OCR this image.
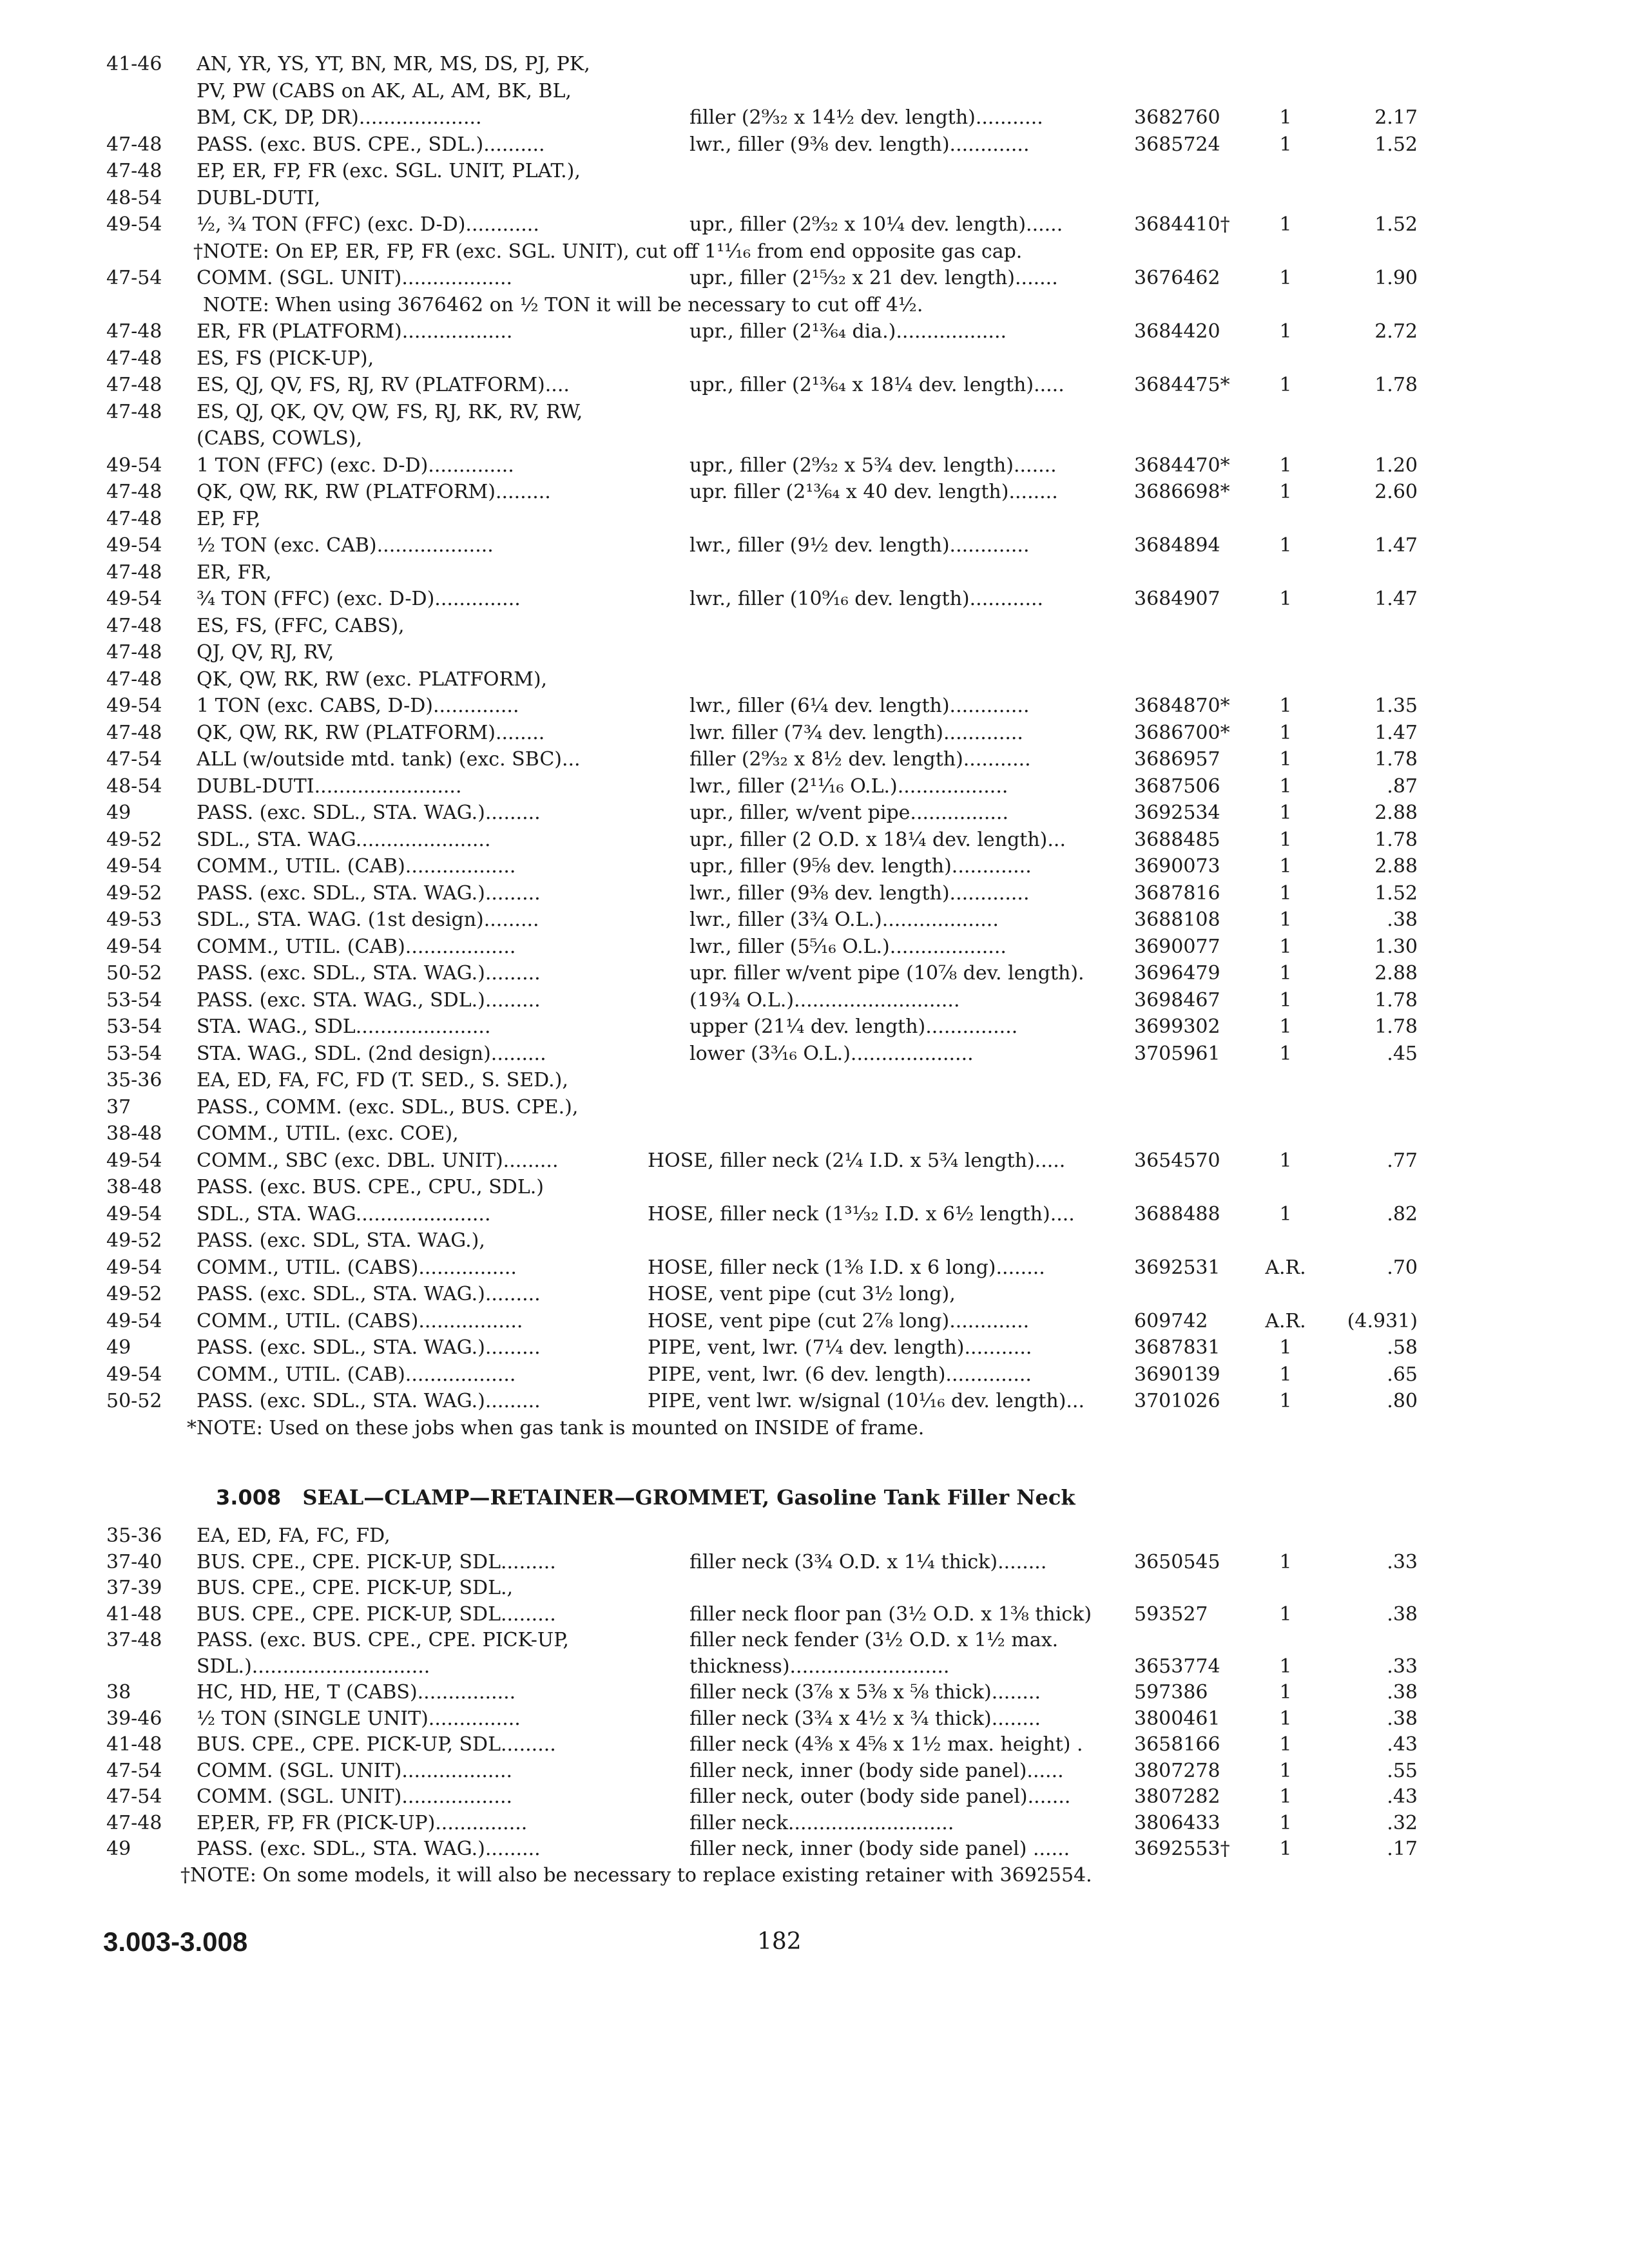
41-46	AN, YR, YS, YT, BN, MR, MS, DS, PJ, PK,
PV, PW (CABS on AK, AL, AM, BK, BL,
BM, CK, DP, DR)....................	filler (2⁹⁄₃₂ x 14½ dev. length)...........	3682760	1	2.17
47-48	PASS. (exc. BUS. CPE., SDL.)..........	lwr., filler (9⅜ dev. length).............	3685724	1	1.52
47-48	EP, ER, FP, FR (exc. SGL. UNIT, PLAT.),
48-54	DUBL-DUTI,
49-54	½, ¾ TON (FFC) (exc. D-D)............	upr., filler (2⁹⁄₃₂ x 10¼ dev. length)......	3684410†	1	1.52
†NOTE: On EP, ER, FP, FR (exc. SGL. UNIT), cut off 1¹¹⁄₁₆ from end opposite gas cap.
47-54	COMM. (SGL. UNIT)..................	upr., filler (2¹⁵⁄₃₂ x 21 dev. length).......	3676462	1	1.90
NOTE: When using 3676462 on ½ TON it will be necessary to cut off 4½.
47-48	ER, FR (PLATFORM)..................	upr., filler (2¹³⁄₆₄ dia.)..................	3684420	1	2.72
47-48	ES, FS (PICK-UP),
47-48	ES, QJ, QV, FS, RJ, RV (PLATFORM)....	upr., filler (2¹³⁄₆₄ x 18¼ dev. length).....	3684475*	1	1.78
47-48	ES, QJ, QK, QV, QW, FS, RJ, RK, RV, RW,
(CABS, COWLS),
49-54	1 TON (FFC) (exc. D-D)..............	upr., filler (2⁹⁄₃₂ x 5¾ dev. length).......	3684470*	1	1.20
47-48	QK, QW, RK, RW (PLATFORM).........	upr. filler (2¹³⁄₆₄ x 40 dev. length)........	3686698*	1	2.60
47-48	EP, FP,
49-54	½ TON (exc. CAB)...................	lwr., filler (9½ dev. length).............	3684894	1	1.47
47-48	ER, FR,
49-54	¾ TON (FFC) (exc. D-D)..............	lwr., filler (10⁹⁄₁₆ dev. length)............	3684907	1	1.47
47-48	ES, FS, (FFC, CABS),
47-48	QJ, QV, RJ, RV,
47-48	QK, QW, RK, RW (exc. PLATFORM),
49-54	1 TON (exc. CABS, D-D)..............	lwr., filler (6¼ dev. length).............	3684870*	1	1.35
47-48	QK, QW, RK, RW (PLATFORM)........	lwr. filler (7¾ dev. length).............	3686700*	1	1.47
47-54	ALL (w/outside mtd. tank) (exc. SBC)...	filler (2⁹⁄₃₂ x 8½ dev. length)...........	3686957	1	1.78
48-54	DUBL-DUTI........................	lwr., filler (2¹¹⁄₁₆ O.L.)..................	3687506	1	.87
49	PASS. (exc. SDL., STA. WAG.).........	upr., filler, w/vent pipe................	3692534	1	2.88
49-52	SDL., STA. WAG......................	upr., filler (2 O.D. x 18¼ dev. length)...	3688485	1	1.78
49-54	COMM., UTIL. (CAB)..................	upr., filler (9⅝ dev. length).............	3690073	1	2.88
49-52	PASS. (exc. SDL., STA. WAG.).........	lwr., filler (9⅜ dev. length).............	3687816	1	1.52
49-53	SDL., STA. WAG. (1st design).........	lwr., filler (3¾ O.L.)...................	3688108	1	.38
49-54	COMM., UTIL. (CAB)..................	lwr., filler (5⁵⁄₁₆ O.L.)...................	3690077	1	1.30
50-52	PASS. (exc. SDL., STA. WAG.).........	upr. filler w/vent pipe (10⅞ dev. length).	3696479	1	2.88
53-54	PASS. (exc. STA. WAG., SDL.).........	(19¾ O.L.)...........................	3698467	1	1.78
53-54	STA. WAG., SDL......................	upper (21¼ dev. length)...............	3699302	1	1.78
53-54	STA. WAG., SDL. (2nd design).........	lower (3³⁄₁₆ O.L.)....................	3705961	1	.45
35-36	EA, ED, FA, FC, FD (T. SED., S. SED.),
37	PASS., COMM. (exc. SDL., BUS. CPE.),
38-48	COMM., UTIL. (exc. COE),
49-54	COMM., SBC (exc. DBL. UNIT).........	HOSE, filler neck (2¼ I.D. x 5¾ length).....	3654570	1	.77
38-48	PASS. (exc. BUS. CPE., CPU., SDL.)
49-54	SDL., STA. WAG......................	HOSE, filler neck (1³¹⁄₃₂ I.D. x 6½ length)....	3688488	1	.82
49-52	PASS. (exc. SDL, STA. WAG.),
49-54	COMM., UTIL. (CABS)................	HOSE, filler neck (1⅜ I.D. x 6 long)........	3692531	A.R.	.70
49-52	PASS. (exc. SDL., STA. WAG.).........	HOSE, vent pipe (cut 3½ long),
49-54	COMM., UTIL. (CABS).................	HOSE, vent pipe (cut 2⅞ long).............	609742	A.R.	(4.931)
49	PASS. (exc. SDL., STA. WAG.).........	PIPE, vent, lwr. (7¼ dev. length)...........	3687831	1	.58
49-54	COMM., UTIL. (CAB)..................	PIPE, vent, lwr. (6 dev. length)..............	3690139	1	.65
50-52	PASS. (exc. SDL., STA. WAG.).........	PIPE, vent lwr. w/signal (10¹⁄₁₆ dev. length)...	3701026	1	.80
*NOTE: Used on these jobs when gas tank is mounted on INSIDE of frame.
3.008 SEAL—CLAMP—RETAINER—GROMMET, Gasoline Tank Filler Neck
35-36	EA, ED, FA, FC, FD,
37-40	BUS. CPE., CPE. PICK-UP, SDL.........	filler neck (3¾ O.D. x 1¼ thick)........	3650545	1	.33
37-39	BUS. CPE., CPE. PICK-UP, SDL.,
41-48	BUS. CPE., CPE. PICK-UP, SDL.........	filler neck floor pan (3½ O.D. x 1⅜ thick)	593527	1	.38
37-48	PASS. (exc. BUS. CPE., CPE. PICK-UP,	filler neck fender (3½ O.D. x 1½ max.
SDL.).............................	thickness)..........................	3653774	1	.33
38	HC, HD, HE, T (CABS)................	filler neck (3⅞ x 5⅜ x ⅝ thick)........	597386	1	.38
39-46	½ TON (SINGLE UNIT)...............	filler neck (3¾ x 4½ x ¾ thick)........	3800461	1	.38
41-48	BUS. CPE., CPE. PICK-UP, SDL.........	filler neck (4⅜ x 4⅝ x 1½ max. height) .	3658166	1	.43
47-54	COMM. (SGL. UNIT)..................	filler neck, inner (body side panel)......	3807278	1	.55
47-54	COMM. (SGL. UNIT)..................	filler neck, outer (body side panel).......	3807282	1	.43
47-48	EP,ER, FP, FR (PICK-UP)...............	filler neck...........................	3806433	1	.32
49	PASS. (exc. SDL., STA. WAG.).........	filler neck, inner (body side panel) ......	3692553†	1	.17
†NOTE: On some models, it will also be necessary to replace existing retainer with 3692554.
3.003-3.008	182
